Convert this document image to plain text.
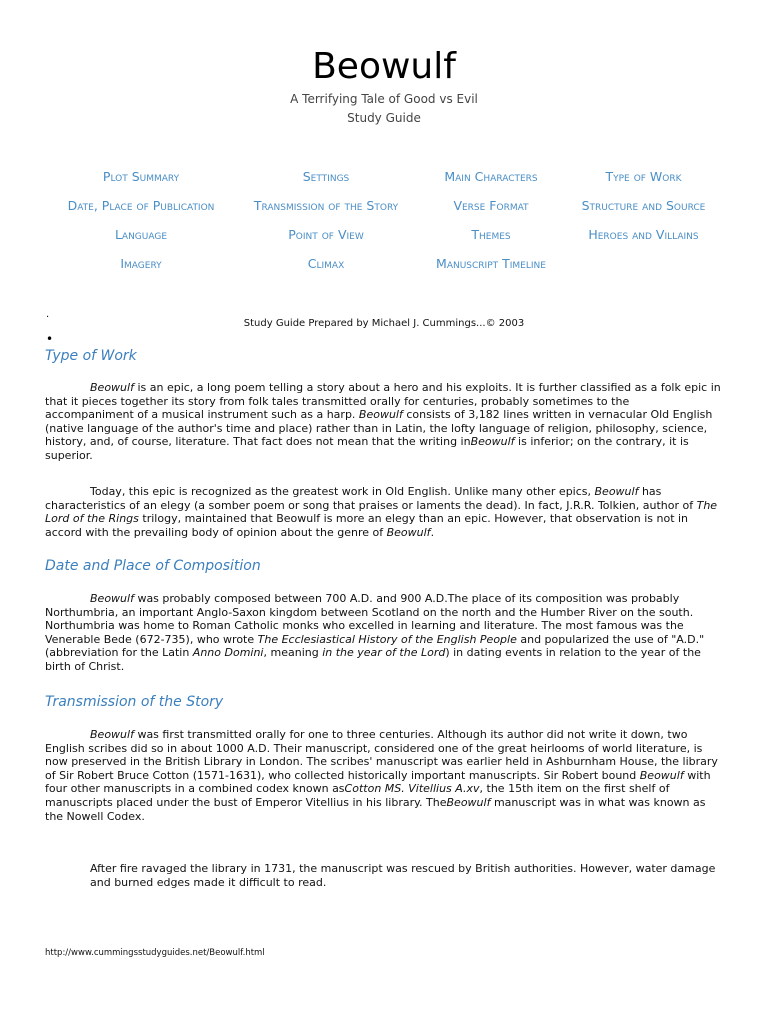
Beowulf
A Terrifying Tale of Good vs Evil
Study Guide
Plot Summary	Settings	Main Characters	Type of Work
Date, Place of Publication	Transmission of the Story	Verse Format	Structure and Source
Language	Point of View	Themes	Heroes and Villains
Imagery	Climax	Manuscript Timeline
.
Study Guide Prepared by Michael J. Cummings...© 2003
•
Type of Work

Beowulf is an epic, a long poem telling a story about a hero and his exploits. It is further classified as a folk epic in that it pieces together its story from folk tales transmitted orally for centuries, probably sometimes to the accompaniment of a musical instrument such as a harp. Beowulf consists of 3,182 lines written in vernacular Old English (native language of the author's time and place) rather than in Latin, the lofty language of religion, philosophy, science, history, and, of course, literature. That fact does not mean that the writing inBeowulf is inferior; on the contrary, it is superior.

Today, this epic is recognized as the greatest work in Old English. Unlike many other epics, Beowulf has characteristics of an elegy (a somber poem or song that praises or laments the dead). In fact, J.R.R. Tolkien, author of The Lord of the Rings trilogy, maintained that Beowulf is more an elegy than an epic. However, that observation is not in accord with the prevailing body of opinion about the genre of Beowulf.

Date and Place of Composition

Beowulf was probably composed between 700 A.D. and 900 A.D.The place of its composition was probably Northumbria, an important Anglo-Saxon kingdom between Scotland on the north and the Humber River on the south. Northumbria was home to Roman Catholic monks who excelled in learning and literature. The most famous was the Venerable Bede (672-735), who wrote The Ecclesiastical History of the English People and popularized the use of "A.D." (abbreviation for the Latin Anno Domini, meaning in the year of the Lord) in dating events in relation to the year of the birth of Christ.

Transmission of the Story

Beowulf was first transmitted orally for one to three centuries. Although its author did not write it down, two English scribes did so in about 1000 A.D. Their manuscript, considered one of the great heirlooms of world literature, is now preserved in the British Library in London. The scribes' manuscript was earlier held in Ashburnham House, the library of Sir Robert Bruce Cotton (1571-1631), who collected historically important manuscripts. Sir Robert bound Beowulf with four other manuscripts in a combined codex known asCotton MS. Vitellius A.xv, the 15th item on the first shelf of manuscripts placed under the bust of Emperor Vitellius in his library. TheBeowulf manuscript was in what was known as the Nowell Codex.

After fire ravaged the library in 1731, the manuscript was rescued by British authorities. However, water damage and burned edges made it difficult to read.

http://www.cummingsstudyguides.net/Beowulf.html
